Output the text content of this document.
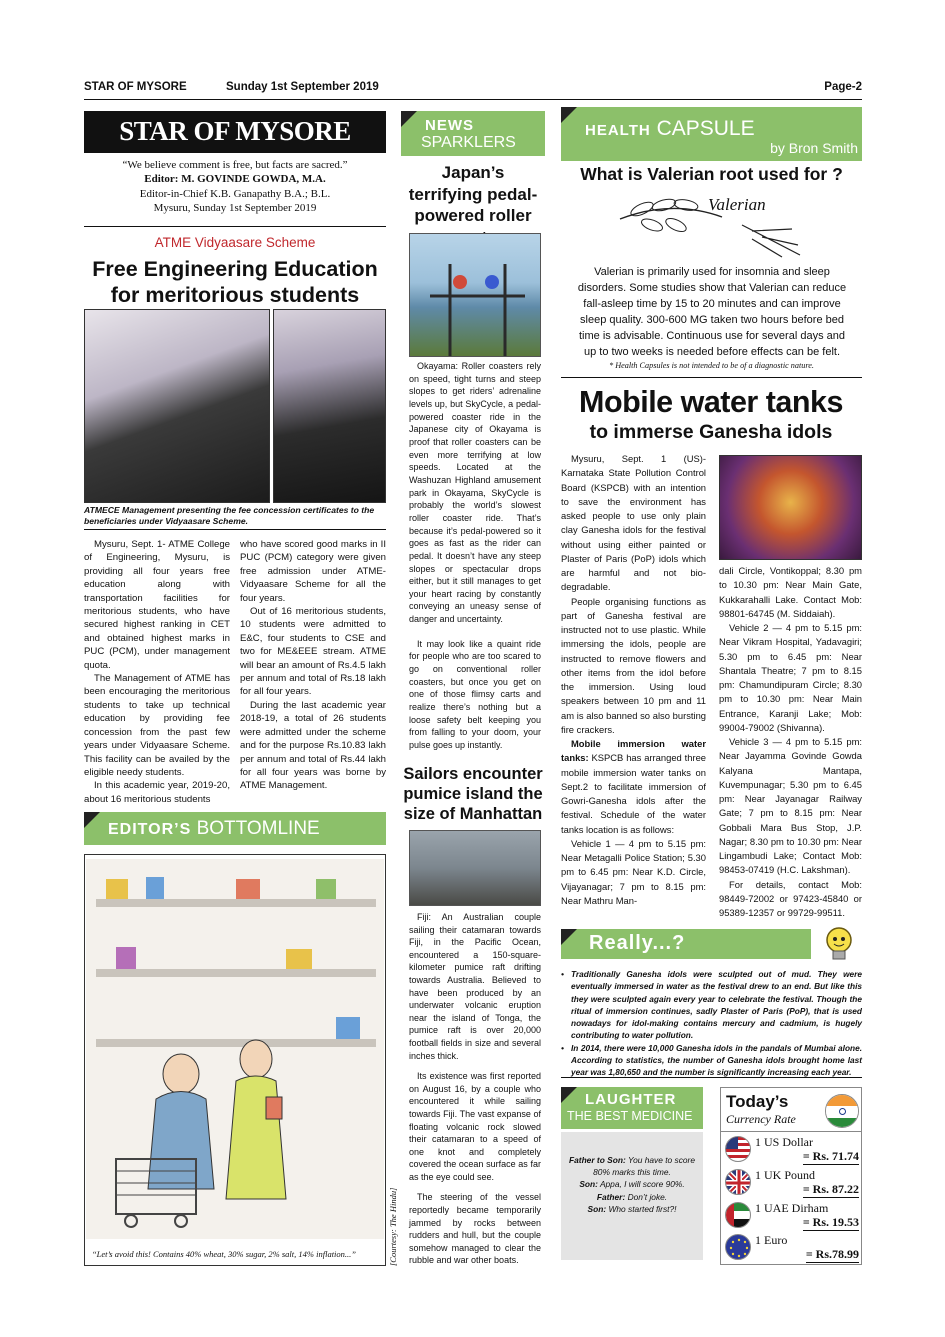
STAR OF MYSORE	Sunday 1st September 2019	Page-2
STAR OF MYSORE
“We believe comment is free, but facts are sacred.”
Editor: M. GOVINDE GOWDA, M.A.
Editor-in-Chief K.B. Ganapathy B.A.; B.L.
Mysuru, Sunday 1st September 2019
ATME Vidyaasare Scheme
Free Engineering Education
for meritorious students
ATMECE Management presenting the fee concession certificates to the beneficiaries under Vidyaasare Scheme.

Mysuru, Sept. 1- ATME College of Engineering, Mysuru, is providing all four years free education along with transportation facilities for meritorious students, who have secured highest ranking in CET and obtained highest marks in PUC (PCM), under management quota.

The Management of ATME has been encouraging the meritorious students to take up technical education by providing fee concession from the past few years under Vidyaasare Scheme. This facility can be availed by the eligible needy students.

In this academic year, 2019-20, about 16 meritorious students

who have scored good marks in II PUC (PCM) category were given free admission under ATME-Vidyaasare Scheme for all the four years.

Out of 16 meritorious students, 10 students were admitted to E&C, four students to CSE and two for ME&EEE stream. ATME will bear an amount of Rs.4.5 lakh per annum and total of Rs.18 lakh for all four years.

During the last academic year 2018-19, a total of 26 students were admitted under the scheme and for the purpose Rs.10.83 lakh per annum and total of Rs.44 lakh for all four years was borne by ATME Management.

EDITOR’S BOTTOMLINE
“Let’s avoid this! Contains 40% wheat, 30% sugar, 2% salt, 14% inflation...”	[Courtesy: The Hindu]
NEWS
SPARKLERS
Japan’s terrifying pedal-powered roller

Okayama: Roller coasters rely on speed, tight turns and steep slopes to get riders’ adrenaline levels up, but SkyCycle, a pedal-powered coaster ride in the Japanese city of Okayama is proof that roller coasters can be even more terrifying at low speeds. Located at the Washuzan Highland amusement park in Okayama, SkyCycle is probably the world’s slowest roller coaster ride. That’s because it’s pedal-powered so it goes as fast as the rider can pedal. It doesn’t have any steep slopes or spectacular drops either, but it still manages to get your heart racing by constantly conveying an uneasy sense of danger and uncertainty.

It may look like a quaint ride for people who are too scared to go on conventional roller coasters, but once you get on one of those flimsy carts and realize there’s nothing but a loose safety belt keeping you from falling to your doom, your pulse goes up instantly.

Sailors encounter pumice island the size of Manhattan

Fiji: An Australian couple sailing their catamaran towards Fiji, in the Pacific Ocean, encountered a 150-square-kilometer pumice raft drifting towards Australia. Believed to have been produced by an underwater volcanic eruption near the island of Tonga, the pumice raft is over 20,000 football fields in size and several inches thick.

Its existence was first reported on August 16, by a couple who encountered it while sailing towards Fiji. The vast expanse of floating volcanic rock slowed their catamaran to a speed of one knot and completely covered the ocean surface as far as the eye could see.

The steering of the vessel reportedly became temporarily jammed by rocks between rudders and hull, but the couple somehow managed to clear the rubble and war other boats.

HEALTH CAPSULE
by Bron Smith
What is Valerian root used for ?
Valerian
Valerian is primarily used for insomnia and sleep disorders. Some studies show that Valerian can reduce fall-asleep time by 15 to 20 minutes and can improve sleep quality. 300-600 MG taken two hours before bed time is advisable. Continuous use for several days and up to two weeks is needed before effects can be felt.
* Health Capsules is not intended to be of a diagnostic nature.
Mobile water tanks
to immerse Ganesha idols

Mysuru, Sept. 1 (US)- Karnataka State Pollution Control Board (KSPCB) with an intention to save the environment has asked people to use only plain clay Ganesha idols for the festival without using either painted or Plaster of Paris (PoP) idols which are harmful and not bio-degradable.

People organising functions as part of Ganesha festival are instructed not to use plastic. While immersing the idols, people are instructed to remove flowers and other items from the idol before the immersion. Using loud speakers between 10 pm and 11 am is also banned so also bursting fire crackers.

Mobile immersion water tanks: KSPCB has arranged three mobile immersion water tanks on Sept.2 to facilitate immersion of Gowri-Ganesha idols after the festival. Schedule of the water tanks location is as follows:

Vehicle 1 — 4 pm to 5.15 pm: Near Metagalli Police Station; 5.30 pm to 6.45 pm: Near K.D. Circle, Vijayanagar; 7 pm to 8.15 pm: Near Mathru Man-

dali Circle, Vontikoppal; 8.30 pm to 10.30 pm: Near Main Gate, Kukkarahalli Lake. Contact Mob: 98801-64745 (M. Siddaiah).

Vehicle 2 — 4 pm to 5.15 pm: Near Vikram Hospital, Yadavagiri; 5.30 pm to 6.45 pm: Near Shantala Theatre; 7 pm to 8.15 pm: Chamundipuram Circle; 8.30 pm to 10.30 pm: Near Main Entrance, Karanji Lake; Mob: 99004-79002 (Shivanna).

Vehicle 3 — 4 pm to 5.15 pm: Near Jayamma Govinde Gowda Kalyana Mantapa, Kuvempunagar; 5.30 pm to 6.45 pm: Near Jayanagar Railway Gate; 7 pm to 8.15 pm: Near Gobbali Mara Bus Stop, J.P. Nagar; 8.30 pm to 10.30 pm: Near Lingambudi Lake; Contact Mob: 98453-07419 (H.C. Lakshman).

For details, contact Mob: 98449-72002 or 97423-45840 or 95389-12357 or 99729-99511.

Really...?
• Traditionally Ganesha idols were sculpted out of mud. They were eventually immersed in water as the festival drew to an end. But like this they were sculpted again every year to celebrate the festival. Though the ritual of immersion continues, sadly Plaster of Paris (PoP), that is used nowadays for idol-making contains mercury and cadmium, is hugely contributing to water pollution.
• In 2014, there were 10,000 Ganesha idols in the pandals of Mumbai alone. According to statistics, the number of Ganesha idols brought home last year was 1,80,650 and the number is significantly increasing each year.
LAUGHTER
THE BEST MEDICINE
Father to Son: You have to score 80% marks this time.
Son: Appa, I will score 90%.
Father: Don’t joke.
Son: Who started first?!
Today’s
Currency Rate
1 US Dollar
= Rs. 71.74
1 UK Pound
= Rs. 87.22
1 UAE Dirham
= Rs. 19.53
1 Euro
= Rs.78.99
